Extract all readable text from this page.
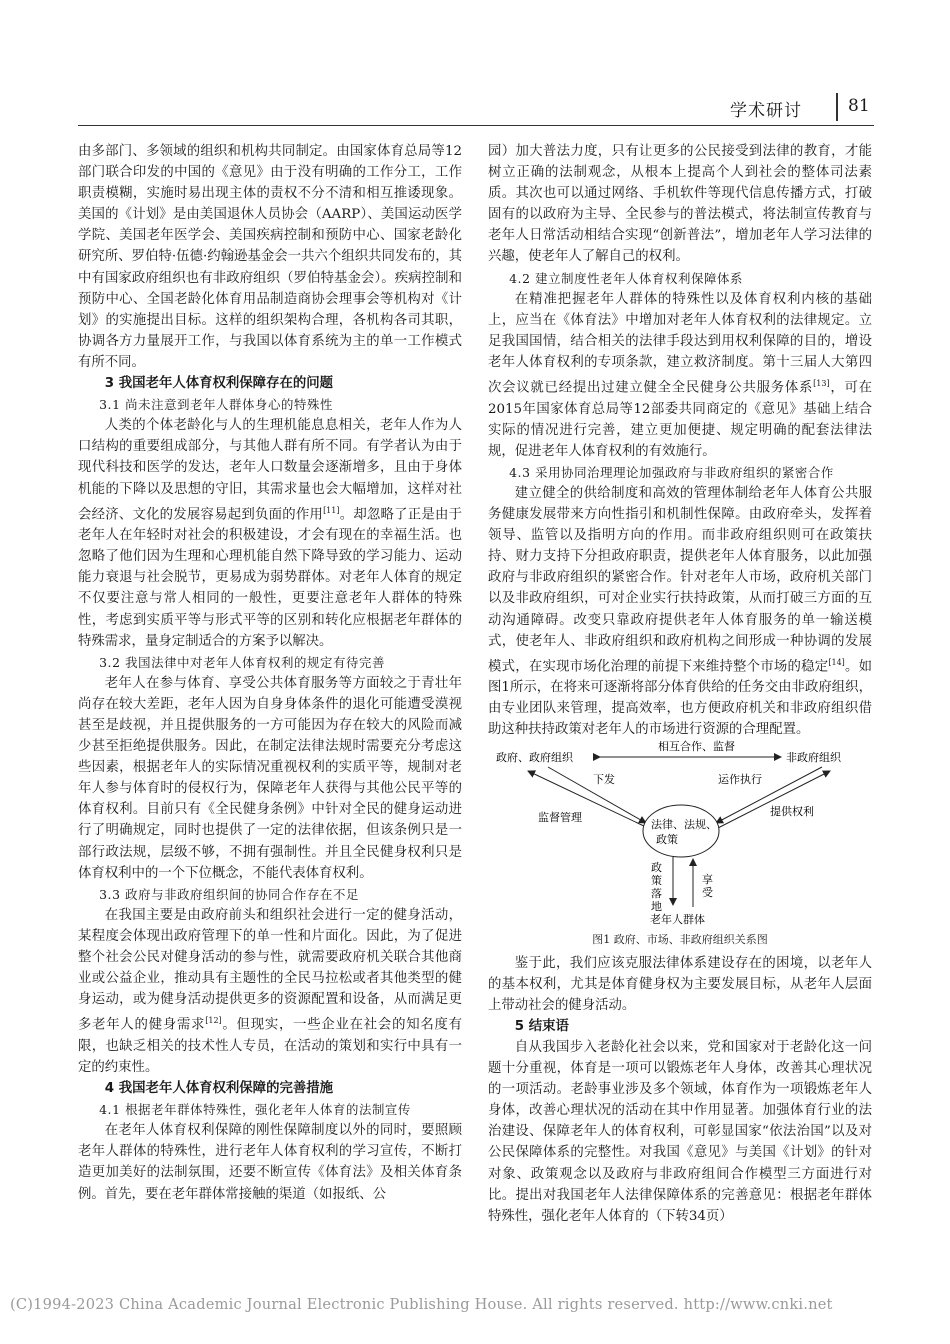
学术研讨	81

由多部门、多领域的组织和机构共同制定。由国家体育总局等12部门联合印发的中国的《意见》由于没有明确的工作分工，工作职责模糊，实施时易出现主体的责权不分不清和相互推诿现象。美国的《计划》是由美国退休人员协会（AARP）、美国运动医学学院、美国老年医学会、美国疾病控制和预防中心、国家老龄化研究所、罗伯特·伍德·约翰逊基金会一共六个组织共同发布的，其中有国家政府组织也有非政府组织（罗伯特基金会）。疾病控制和预防中心、全国老龄化体育用品制造商协会理事会等机构对《计划》的实施提出目标。这样的组织架构合理，各机构各司其职，协调各方力量展开工作，与我国以体育系统为主的单一工作模式有所不同。

3 我国老年人体育权利保障存在的问题
3.1 尚未注意到老年人群体身心的特殊性

人类的个体老龄化与人的生理机能息息相关，老年人作为人口结构的重要组成部分，与其他人群有所不同。有学者认为由于现代科技和医学的发达，老年人口数量会逐渐增多，且由于身体机能的下降以及思想的守旧，其需求量也会大幅增加，这样对社会经济、文化的发展容易起到负面的作用[11]。却忽略了正是由于老年人在年轻时对社会的积极建设，才会有现在的幸福生活。也忽略了他们因为生理和心理机能自然下降导致的学习能力、运动能力衰退与社会脱节，更易成为弱势群体。对老年人体育的规定不仅要注意与常人相同的一般性，更要注意老年人群体的特殊性，考虑到实质平等与形式平等的区别和转化应根据老年群体的特殊需求，量身定制适合的方案予以解决。

3.2 我国法律中对老年人体育权利的规定有待完善

老年人在参与体育、享受公共体育服务等方面较之于青壮年尚存在较大差距，老年人因为自身身体条件的退化可能遭受漠视甚至是歧视，并且提供服务的一方可能因为存在较大的风险而减少甚至拒绝提供服务。因此，在制定法律法规时需要充分考虑这些因素，根据老年人的实际情况重视权利的实质平等，规制对老年人参与体育时的侵权行为，保障老年人获得与其他公民平等的体育权利。目前只有《全民健身条例》中针对全民的健身运动进行了明确规定，同时也提供了一定的法律依据，但该条例只是一部行政法规，层级不够，不拥有强制性。并且全民健身权利只是体育权利中的一个下位概念，不能代表体育权利。

3.3 政府与非政府组织间的协同合作存在不足

在我国主要是由政府前头和组织社会进行一定的健身活动，某程度会体现出政府管理下的单一性和片面化。因此，为了促进整个社会公民对健身活动的参与性，就需要政府机关联合其他商业或公益企业，推动具有主题性的全民马拉松或者其他类型的健身运动，或为健身活动提供更多的资源配置和设备，从而满足更多老年人的健身需求[12]。但现实，一些企业在社会的知名度有限，也缺乏相关的技术性人专员，在活动的策划和实行中具有一定的约束性。

4 我国老年人体育权利保障的完善措施
4.1 根据老年群体特殊性，强化老年人体育的法制宣传

在老年人体育权利保障的刚性保障制度以外的同时，要照顾老年人群体的特殊性，进行老年人体育权利的学习宣传，不断打造更加美好的法制氛围，还要不断宣传《体育法》及相关体育条例。首先，要在老年群体常接触的渠道（如报纸、公

园）加大普法力度，只有让更多的公民接受到法律的教育，才能树立正确的法制观念，从根本上提高个人到社会的整体司法素质。其次也可以通过网络、手机软件等现代信息传播方式，打破固有的以政府为主导、全民参与的普法模式，将法制宣传教育与老年人日常活动相结合实现“创新普法”，增加老年人学习法律的兴趣，使老年人了解自己的权利。

4.2 建立制度性老年人体育权利保障体系

在精准把握老年人群体的特殊性以及体育权利内核的基础上，应当在《体育法》中增加对老年人体育权利的法律规定。立足我国国情，结合相关的法律手段达到用权利保障的目的，增设老年人体育权利的专项条款，建立救济制度。第十三届人大第四次会议就已经提出过建立健全全民健身公共服务体系[13]，可在2015年国家体育总局等12部委共同商定的《意见》基础上结合实际的情况进行完善，建立更加便捷、规定明确的配套法律法规，促进老年人体育权利的有效施行。

4.3 采用协同治理理论加强政府与非政府组织的紧密合作

建立健全的供给制度和高效的管理体制给老年人体育公共服务健康发展带来方向性指引和机制性保障。由政府牵头，发挥着领导、监管以及指明方向的作用。而非政府组织则可在政策扶持、财力支持下分担政府职责，提供老年人体育服务，以此加强政府与非政府组织的紧密合作。针对老年人市场，政府机关部门以及非政府组织，可对企业实行扶持政策，从而打破三方面的互动沟通障碍。改变只靠政府提供老年人体育服务的单一输送模式，使老年人、非政府组织和政府机构之间形成一种协调的发展模式，在实现市场化治理的前提下来维持整个市场的稳定[14]。如图1所示，在将来可逐渐将部分体育供给的任务交由非政府组织，由专业团队来管理，提高效率，也方便政府机关和非政府组织借助这种扶持政策对老年人的市场进行资源的合理配置。

政府、政府组织	非政府组织
相互合作、监督
下发
监督管理
运作执行
提供权利
法律、法规、
政策
政策落地
享受
老年人群体
图1 政府、市场、非政府组织关系图

鉴于此，我们应该克服法律体系建设存在的困境，以老年人的基本权利，尤其是体育健身权为主要发展目标，从老年人层面上带动社会的健身活动。

5 结束语

自从我国步入老龄化社会以来，党和国家对于老龄化这一问题十分重视，体育是一项可以锻炼老年人身体，改善其心理状况的一项活动。老龄事业涉及多个领域，体育作为一项锻炼老年人身体，改善心理状况的活动在其中作用显著。加强体育行业的法治建设、保障老年人的体育权利，可彰显国家“依法治国”以及对公民保障体系的完整性。对我国《意见》与美国《计划》的针对对象、政策观念以及政府与非政府组间合作模型三方面进行对比。提出对我国老年人法律保障体系的完善意见：根据老年群体特殊性，强化老年人体育的（下转34页）

(C)1994-2023 China Academic Journal Electronic Publishing House. All rights reserved. http://www.cnki.net
